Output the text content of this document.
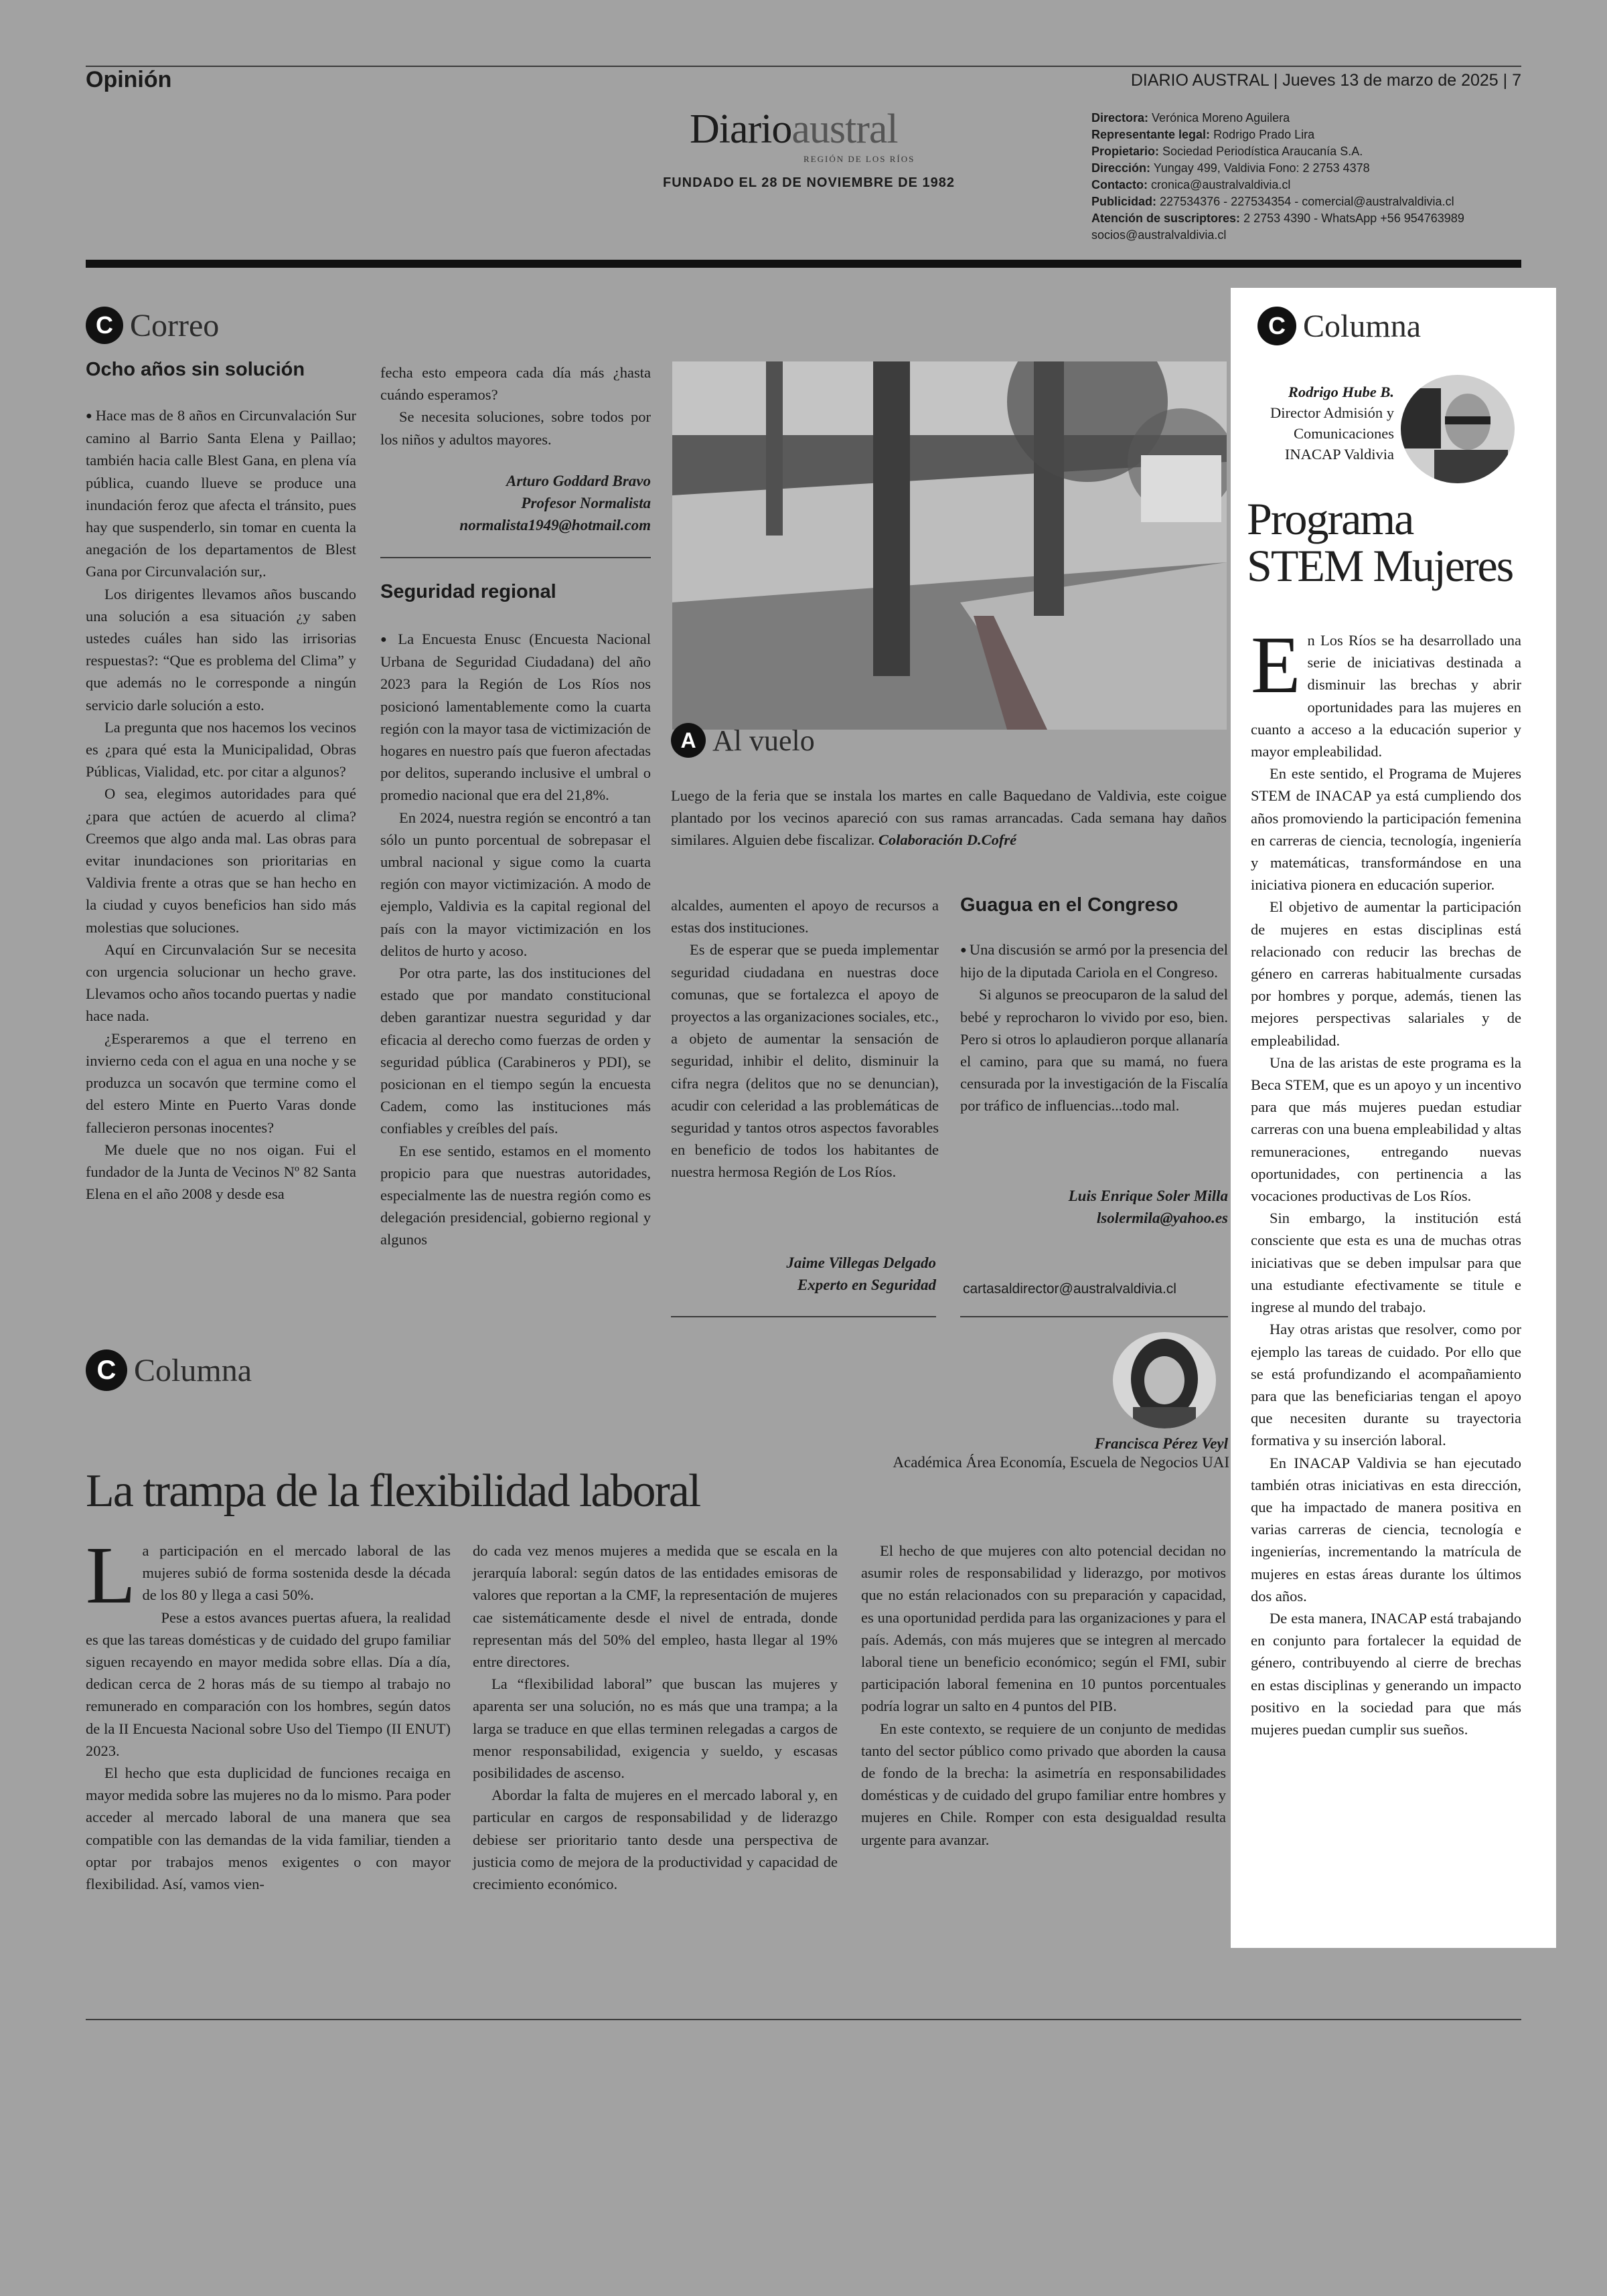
Opinión	DIARIO AUSTRAL | Jueves 13 de marzo de 2025 | 7
Diarioaustral
REGIÓN DE LOS RÍOS
FUNDADO EL 28 DE NOVIEMBRE DE 1982
Directora: Verónica Moreno Aguilera
Representante legal: Rodrigo Prado Lira
Propietario: Sociedad Periodística Araucanía S.A.
Dirección: Yungay 499, Valdivia Fono: 2 2753 4378
Contacto: cronica@australvaldivia.cl
Publicidad: 227534376 - 227534354 - comercial@australvaldivia.cl
Atención de suscriptores: 2 2753 4390 - WhatsApp +56 954763989
socios@australvaldivia.cl
C Correo
Ocho años sin solución

● Hace mas de 8 años en Circunvalación Sur camino al Barrio Santa Elena y Paillao; también hacia calle Blest Gana, en plena vía pública, cuando llueve se produce una inundación feroz que afecta el tránsito, pues hay que suspenderlo, sin tomar en cuenta la anegación de los departamentos de Blest Gana por Circunvalación sur,.

Los dirigentes llevamos años buscando una solución a esa situación ¿y saben ustedes cuáles han sido las irrisorias respuestas?: “Que es problema del Clima” y que además no le corresponde a ningún servicio darle solución a esto.

La pregunta que nos hacemos los vecinos es ¿para qué esta la Municipalidad, Obras Públicas, Vialidad, etc. por citar a algunos?

O sea, elegimos autoridades para qué ¿para que actúen de acuerdo al clima? Creemos que algo anda mal. Las obras para evitar inundaciones son prioritarias en Valdivia frente a otras que se han hecho en la ciudad y cuyos beneficios han sido más molestias que soluciones.

Aquí en Circunvalación Sur se necesita con urgencia solucionar un hecho grave. Llevamos ocho años tocando puertas y nadie hace nada.

¿Esperaremos a que el terreno en invierno ceda con el agua en una noche y se produzca un socavón que termine como el del estero Minte en Puerto Varas donde fallecieron personas inocentes?

Me duele que no nos oigan. Fui el fundador de la Junta de Vecinos Nº 82 Santa Elena en el año 2008 y desde esa

fecha esto empeora cada día más ¿hasta cuándo esperamos?

Se necesita soluciones, sobre todos por los niños y adultos mayores.

Arturo Goddard Bravo
Profesor Normalista
normalista1949@hotmail.com
Seguridad regional

● La Encuesta Enusc (Encuesta Nacional Urbana de Seguridad Ciudadana) del año 2023 para la Región de Los Ríos nos posicionó lamentablemente como la cuarta región con la mayor tasa de victimización de hogares en nuestro país que fueron afectadas por delitos, superando inclusive el umbral o promedio nacional que era del 21,8%.

En 2024, nuestra región se encontró a tan sólo un punto porcentual de sobrepasar el umbral nacional y sigue como la cuarta región con mayor victimización. A modo de ejemplo, Valdivia es la capital regional del país con la mayor victimización en los delitos de hurto y acoso.

Por otra parte, las dos instituciones del estado que por mandato constitucional deben garantizar nuestra seguridad y dar eficacia al derecho como fuerzas de orden y seguridad pública (Carabineros y PDI), se posicionan en el tiempo según la encuesta Cadem, como las instituciones más confiables y creíbles del país.

En ese sentido, estamos en el momento propicio para que nuestras autoridades, especialmente las de nuestra región como es delegación presidencial, gobierno regional y algunos

A Al vuelo
Luego de la feria que se instala los martes en calle Baquedano de Valdivia, este coigue plantado por los vecinos apareció con sus ramas arrancadas. Cada semana hay daños similares. Alguien debe fiscalizar. Colaboración D.Cofré

alcaldes, aumenten el apoyo de recursos a estas dos instituciones.

Es de esperar que se pueda implementar seguridad ciudadana en nuestras doce comunas, que se fortalezca el apoyo de proyectos a las organizaciones sociales, etc., a objeto de aumentar la sensación de seguridad, inhibir el delito, disminuir la cifra negra (delitos que no se denuncian), acudir con celeridad a las problemáticas de seguridad y tantos otros aspectos favorables en beneficio de todos los habitantes de nuestra hermosa Región de Los Ríos.

Jaime Villegas Delgado
Experto en Seguridad
Guagua en el Congreso

● Una discusión se armó por la presencia del hijo de la diputada Cariola en el Congreso.

Si algunos se preocuparon de la salud del bebé y reprocharon lo vivido por eso, bien. Pero si otros lo aplaudieron porque allanaría el camino, para que su mamá, no fuera censurada por la investigación de la Fiscalía por tráfico de influencias...todo mal.

Luis Enrique Soler Milla
lsolermila@yahoo.es
cartasaldirector@australvaldivia.cl
C Columna
Francisca Pérez Veyl
Académica Área Economía, Escuela de Negocios UAI
La trampa de la flexibilidad laboral

La participación en el mercado laboral de las mujeres subió de forma sostenida desde la década de los 80 y llega a casi 50%.

Pese a estos avances puertas afuera, la realidad es que las tareas domésticas y de cuidado del grupo familiar siguen recayendo en mayor medida sobre ellas. Día a día, dedican cerca de 2 horas más de su tiempo al trabajo no remunerado en comparación con los hombres, según datos de la II Encuesta Nacional sobre Uso del Tiempo (II ENUT) 2023.

El hecho que esta duplicidad de funciones recaiga en mayor medida sobre las mujeres no da lo mismo. Para poder acceder al mercado laboral de una manera que sea compatible con las demandas de la vida familiar, tienden a optar por trabajos menos exigentes o con mayor flexibilidad. Así, vamos vien-

do cada vez menos mujeres a medida que se escala en la jerarquía laboral: según datos de las entidades emisoras de valores que reportan a la CMF, la representación de mujeres cae sistemáticamente desde el nivel de entrada, donde representan más del 50% del empleo, hasta llegar al 19% entre directores.

La “flexibilidad laboral” que buscan las mujeres y aparenta ser una solución, no es más que una trampa; a la larga se traduce en que ellas terminen relegadas a cargos de menor responsabilidad, exigencia y sueldo, y escasas posibilidades de ascenso.

Abordar la falta de mujeres en el mercado laboral y, en particular en cargos de responsabilidad y de liderazgo debiese ser prioritario tanto desde una perspectiva de justicia como de mejora de la productividad y capacidad de crecimiento económico.

El hecho de que mujeres con alto potencial decidan no asumir roles de responsabilidad y liderazgo, por motivos que no están relacionados con su preparación y capacidad, es una oportunidad perdida para las organizaciones y para el país. Además, con más mujeres que se integren al mercado laboral tiene un beneficio económico; según el FMI, subir participación laboral femenina en 10 puntos porcentuales podría lograr un salto en 4 puntos del PIB.

En este contexto, se requiere de un conjunto de medidas tanto del sector público como privado que aborden la causa de fondo de la brecha: la asimetría en responsabilidades domésticas y de cuidado del grupo familiar entre hombres y mujeres en Chile. Romper con esta desigualdad resulta urgente para avanzar.

C Columna
Rodrigo Hube B.
Director Admisión y
Comunicaciones
INACAP Valdivia
Programa
STEM Mujeres

En Los Ríos se ha desarrollado una serie de iniciativas destinada a disminuir las brechas y abrir oportunidades para las mujeres en cuanto a acceso a la educación superior y mayor empleabilidad.

En este sentido, el Programa de Mujeres STEM de INACAP ya está cumpliendo dos años promoviendo la participación femenina en carreras de ciencia, tecnología, ingeniería y matemáticas, transformándose en una iniciativa pionera en educación superior.

El objetivo de aumentar la participación de mujeres en estas disciplinas está relacionado con reducir las brechas de género en carreras habitualmente cursadas por hombres y porque, además, tienen las mejores perspectivas salariales y de empleabilidad.

Una de las aristas de este programa es la Beca STEM, que es un apoyo y un incentivo para que más mujeres puedan estudiar carreras con una buena empleabilidad y altas remuneraciones, entregando nuevas oportunidades, con pertinencia a las vocaciones productivas de Los Ríos.

Sin embargo, la institución está consciente que esta es una de muchas otras iniciativas que se deben impulsar para que una estudiante efectivamente se titule e ingrese al mundo del trabajo.

Hay otras aristas que resolver, como por ejemplo las tareas de cuidado. Por ello que se está profundizando el acompañamiento para que las beneficiarias tengan el apoyo que necesiten durante su trayectoria formativa y su inserción laboral.

En INACAP Valdivia se han ejecutado también otras iniciativas en esta dirección, que ha impactado de manera positiva en varias carreras de ciencia, tecnología e ingenierías, incrementando la matrícula de mujeres en estas áreas durante los últimos dos años.

De esta manera, INACAP está trabajando en conjunto para fortalecer la equidad de género, contribuyendo al cierre de brechas en estas disciplinas y generando un impacto positivo en la sociedad para que más mujeres puedan cumplir sus sueños.
